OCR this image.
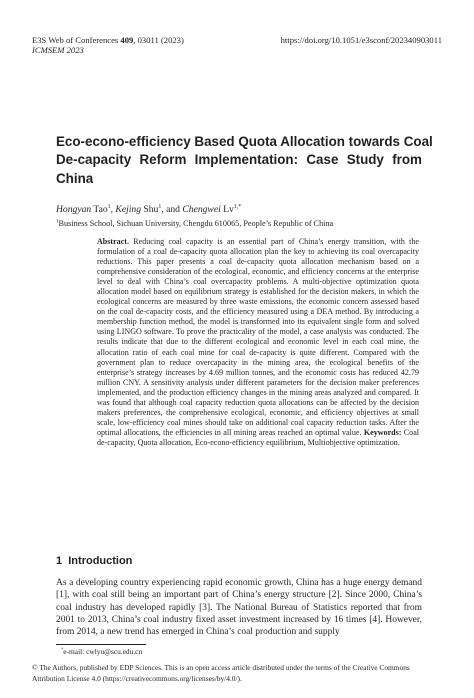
E3S Web of Conferences 409, 03011 (2023)	https://doi.org/10.1051/e3sconf/202340903011
ICMSEM 2023
Eco-econo-efficiency Based Quota Allocation towards Coal
De-capacity Reform Implementation: Case Study from
China
Hongyan Tao$^1$, Kejing Shu$^1$, and Chengwei $Lv^{1,*}$
$^1$Business School, Sichuan University, Chengdu 610065, People’s Republic of China

Abstract. Reducing coal capacity is an essential part of China’s energy transition, with the formulation of a coal de-capacity quota allocation plan the key to achieving its coal overcapacity reductions. This paper presents a coal de-capacity quota allocation mechanism based on a comprehensive consideration of the ecological, economic, and efficiency concerns at the enterprise level to deal with China’s coal overcapacity problems. A multi-objective optimization quota allocation model based on equilibrium strategy is established for the decision makers, in which the ecological concerns are measured by three waste emissions, the economic concern assessed based on the coal de-capacity costs, and the efficiency measured using a DEA method. By introducing a membership function method, the model is transformed into its equivalent single form and solved using LINGO software. To prove the practicality of the model, a case analysis was conducted. The results indicate that due to the different ecological and economic level in each coal mine, the allocation ratio of each coal mine for coal de-capacity is quite different. Compared with the government plan to reduce overcapacity in the mining area, the ecological benefits of the enterprise’s strategy increases by 4.69 million tonnes, and the economic costs has reduced 42.79 million CNY. A sensitivity analysis under different parameters for the decision maker preferences implemented, and the production efficiency changes in the mining areas analyzed and compared. It was found that although coal capacity reduction quota allocations can be affected by the decision makers preferences, the comprehensive ecological, economic, and efficiency objectives at small scale, low-efficiency coal mines should take on additional coal capacity reduction tasks. After the optimal allocations, the efficiencies in all mining areas reached an optimal value. Keywords: Coal de-capacity, Quota allocation, Eco-econo-efficiency equilibrium, Multiobjective optimization.

1 Introduction

As a developing country experiencing rapid economic growth, China has a huge energy demand [1], with coal still being an important part of China’s energy structure [2]. Since 2000, China’s coal industry has developed rapidly [3]. The National Bureau of Statistics reported that from 2001 to 2013, China’s coal industry fixed asset investment increased by 16 times [4]. However, from 2014, a new trend has emerged in China’s coal production and supply

*e-mail: cwlyu@scu.edu.cn
© The Authors, published by EDP Sciences. This is an open access article distributed under the terms of the Creative Commons
Attribution License 4.0 (https://creativecommons.org/licenses/by/4.0/).
